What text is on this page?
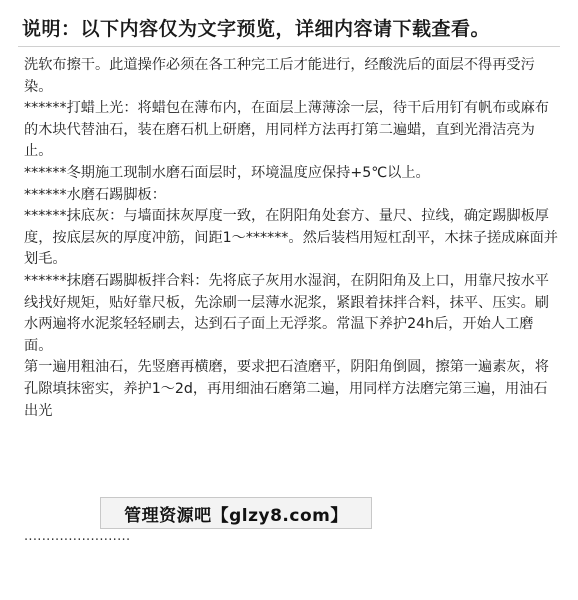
说明：以下内容仅为文字预览，详细内容请下载查看。

洗软布擦干。此道操作必须在各工种完工后才能进行，经酸洗后的面层不得再受污染。

******打蜡上光：将蜡包在薄布内，在面层上薄薄涂一层，待干后用钉有帆布或麻布的木块代替油石，装在磨石机上研磨，用同样方法再打第二遍蜡，直到光滑洁亮为止。

******冬期施工现制水磨石面层时，环境温度应保持+5℃以上。

******水磨石踢脚板：

******抹底灰：与墙面抹灰厚度一致，在阴阳角处套方、量尺、拉线，确定踢脚板厚度，按底层灰的厚度冲筋，间距1～******。然后装档用短杠刮平，木抹子搓成麻面并划毛。

******抹磨石踢脚板拌合料：先将底子灰用水湿润，在阴阳角及上口，用靠尺按水平线找好规矩，贴好靠尺板，先涂刷一层薄水泥浆，紧跟着抹拌合料，抹平、压实。刷水两遍将水泥浆轻轻刷去，达到石子面上无浮浆。常温下养护24h后，开始人工磨面。

第一遍用粗油石，先竖磨再横磨，要求把石渣磨平，阴阳角倒圆，擦第一遍素灰，将孔隙填抹密实，养护1～2d，再用细油石磨第二遍，用同样方法磨完第三遍，用油石出光

························
管理资源吧【glzy8.com】
